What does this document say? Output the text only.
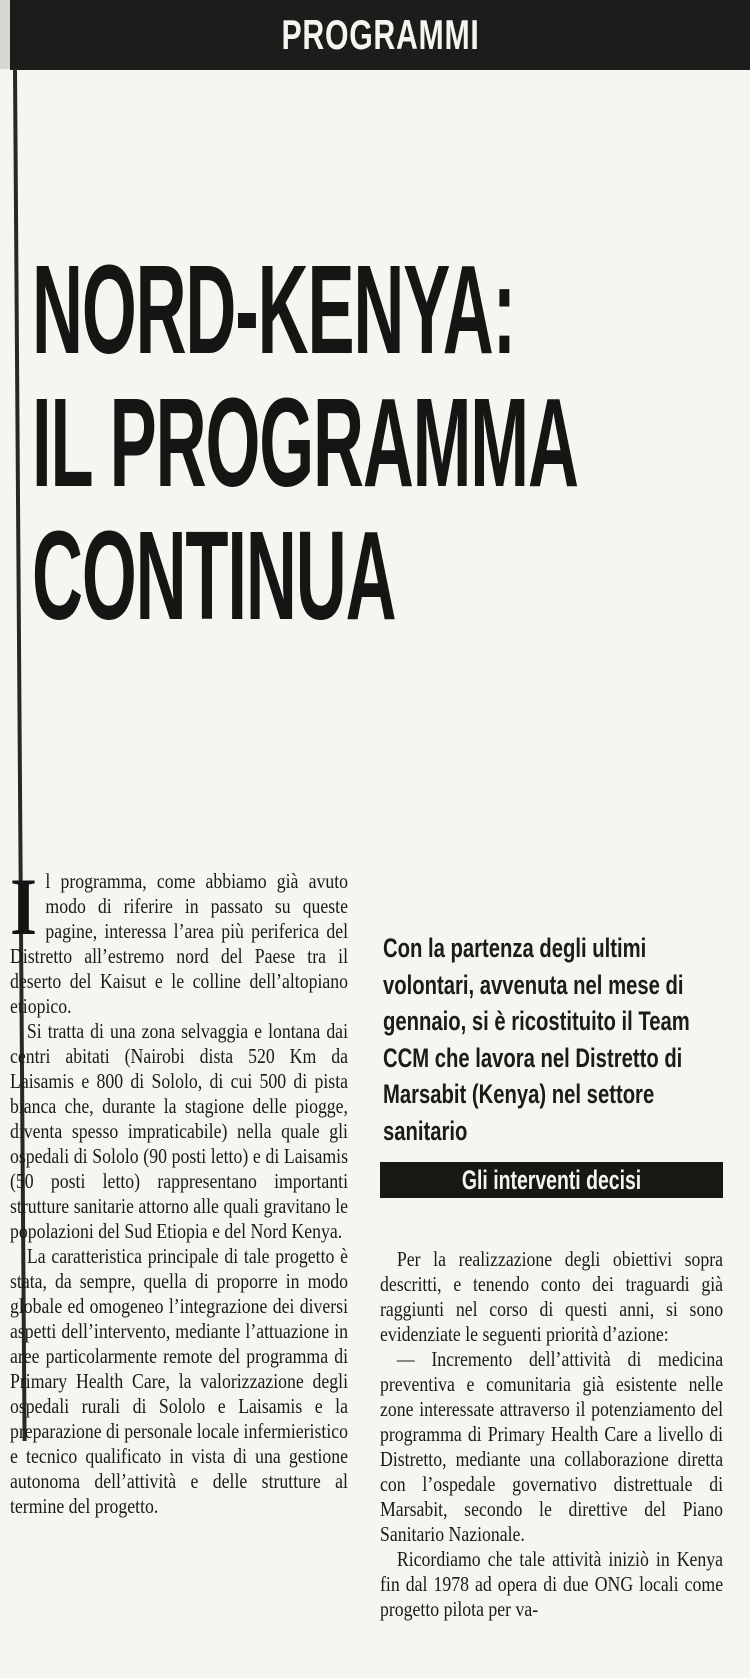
PROGRAMMI
NORD-KENYA:
IL PROGRAMMA
CONTINUA

Il programma, come abbiamo già avuto modo di riferire in passato su queste pagine, interessa l’area più periferica del Distretto all’estremo nord del Paese tra il deserto del Kaisut e le colline dell’altopiano etiopico.

Si tratta di una zona selvaggia e lontana dai centri abitati (Nairobi dista 520 Km da Laisamis e 800 di Sololo, di cui 500 di pista bianca che, durante la stagione delle piogge, diventa spesso impraticabile) nella quale gli ospedali di Sololo (90 posti letto) e di Laisamis (50 posti letto) rappresentano importanti strutture sanitarie attorno alle quali gravitano le popolazioni del Sud Etiopia e del Nord Kenya.

La caratteristica principale di tale progetto è stata, da sempre, quella di proporre in modo globale ed omogeneo l’integrazione dei diversi aspetti dell’intervento, mediante l’attuazione in aree particolarmente remote del programma di Primary Health Care, la valorizzazione degli ospedali rurali di Sololo e Laisamis e la preparazione di personale locale infermieristico e tecnico qualificato in vista di una gestione autonoma dell’attività e delle strutture al termine del progetto.

Con la partenza degli ultimi volontari, avvenuta nel mese di gennaio, si è ricostituito il Team CCM che lavora nel Distretto di Marsabit (Kenya) nel settore sanitario

Gli interventi decisi

Per la realizzazione degli obiettivi sopra descritti, e tenendo conto dei traguardi già raggiunti nel corso di questi anni, si sono evidenziate le seguenti priorità d’azione:

— Incremento dell’attività di medicina preventiva e comunitaria già esistente nelle zone interessate attraverso il potenziamento del programma di Primary Health Care a livello di Distretto, mediante una collaborazione diretta con l’ospedale governativo distrettuale di Marsabit, secondo le direttive del Piano Sanitario Nazionale.

Ricordiamo che tale attività iniziò in Kenya fin dal 1978 ad opera di due ONG locali come progetto pilota per va-
